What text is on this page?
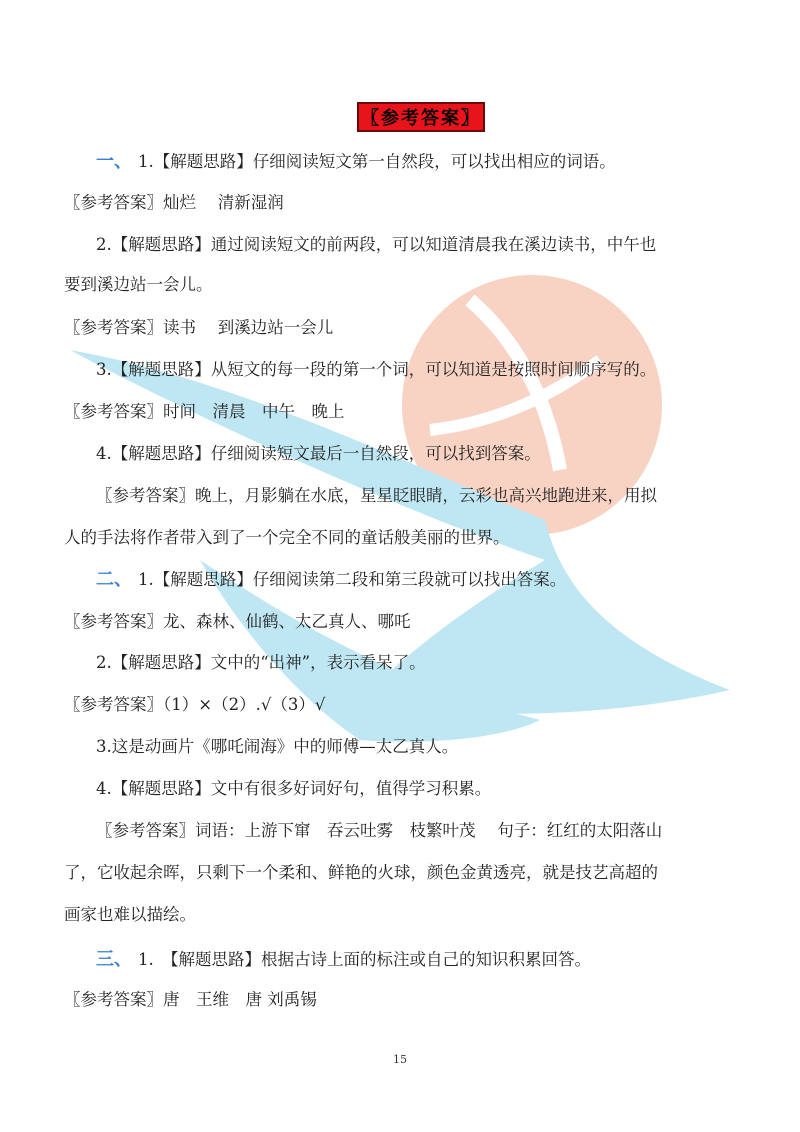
〖参考答案〗
一、 1.【解题思路】仔细阅读短文第一自然段，可以找出相应的词语。
〖参考答案〗灿烂　 清新湿润
2.【解题思路】通过阅读短文的前两段，可以知道清晨我在溪边读书，中午也
要到溪边站一会儿。
〖参考答案〗读书　 到溪边站一会儿
3.【解题思路】从短文的每一段的第一个词，可以知道是按照时间顺序写的。
〖参考答案〗时间　清晨　中午　晚上
4.【解题思路】仔细阅读短文最后一自然段，可以找到答案。
〖参考答案〗晚上，月影躺在水底，星星眨眼睛，云彩也高兴地跑进来，用拟
人的手法将作者带入到了一个完全不同的童话般美丽的世界。
二、 1.【解题思路】仔细阅读第二段和第三段就可以找出答案。
〖参考答案〗龙、森林、仙鹤、太乙真人、哪吒
2.【解题思路】文中的“出神”，表示看呆了。
〖参考答案〗（1）×（2）.√（3）√
3.这是动画片《哪吒闹海》中的师傅—太乙真人。
4.【解题思路】文中有很多好词好句，值得学习积累。
〖参考答案〗词语：上游下窜　吞云吐雾　枝繁叶茂　 句子：红红的太阳落山
了，它收起余晖，只剩下一个柔和、鲜艳的火球，颜色金黄透亮，就是技艺高超的
画家也难以描绘。
三、 1.　【解题思路】根据古诗上面的标注或自己的知识积累回答。
〖参考答案〗唐　王维　唐 刘禹锡
15
